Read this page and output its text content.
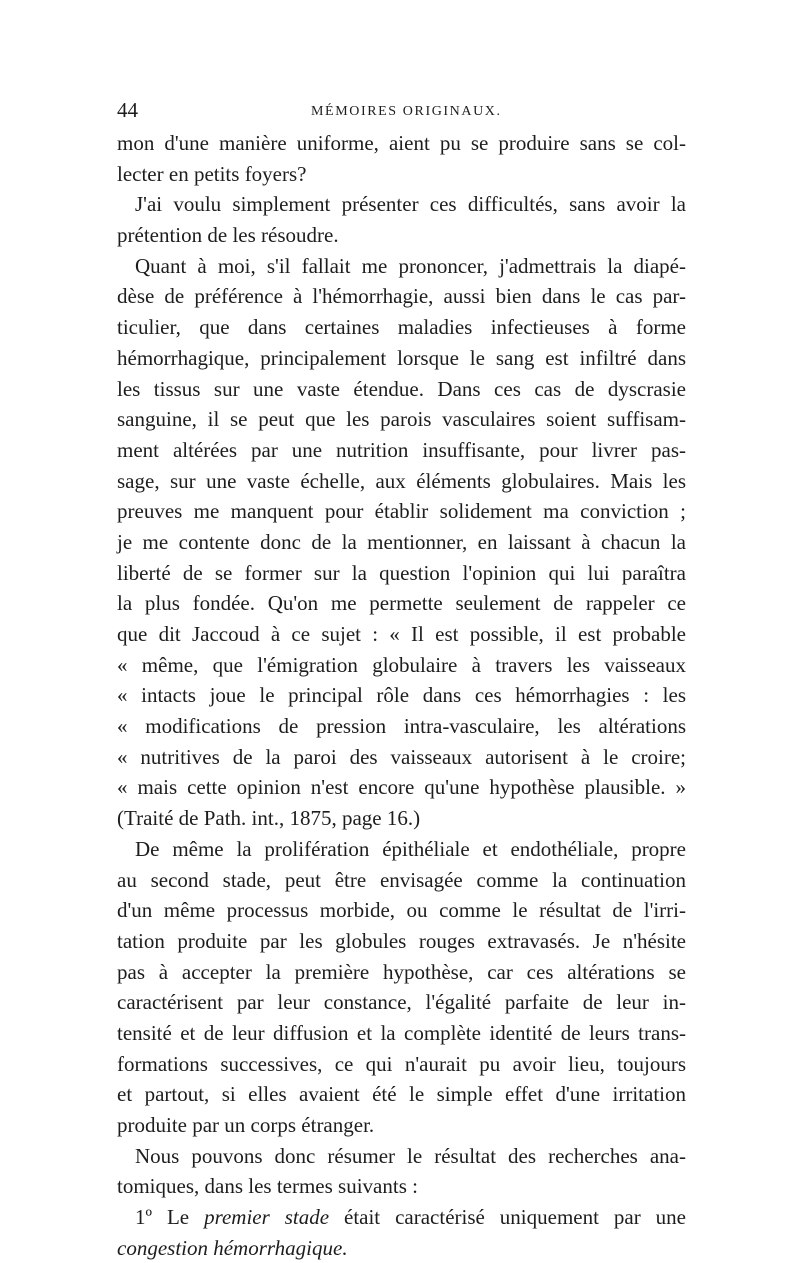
44	MÉMOIRES ORIGINAUX.
mon d'une manière uniforme, aient pu se produire sans se col-
lecter en petits foyers?
J'ai voulu simplement présenter ces difficultés, sans avoir la
prétention de les résoudre.
Quant à moi, s'il fallait me prononcer, j'admettrais la diapé-
dèse de préférence à l'hémorrhagie, aussi bien dans le cas par-
ticulier, que dans certaines maladies infectieuses à forme
hémorrhagique, principalement lorsque le sang est infiltré dans
les tissus sur une vaste étendue. Dans ces cas de dyscrasie
sanguine, il se peut que les parois vasculaires soient suffisam-
ment altérées par une nutrition insuffisante, pour livrer pas-
sage, sur une vaste échelle, aux éléments globulaires. Mais les
preuves me manquent pour établir solidement ma conviction ;
je me contente donc de la mentionner, en laissant à chacun la
liberté de se former sur la question l'opinion qui lui paraîtra
la plus fondée. Qu'on me permette seulement de rappeler ce
que dit Jaccoud à ce sujet : « Il est possible, il est probable
« même, que l'émigration globulaire à travers les vaisseaux
« intacts joue le principal rôle dans ces hémorrhagies : les
« modifications de pression intra-vasculaire, les altérations
« nutritives de la paroi des vaisseaux autorisent à le croire;
« mais cette opinion n'est encore qu'une hypothèse plausible. »
(Traité de Path. int., 1875, page 16.)
De même la prolifération épithéliale et endothéliale, propre
au second stade, peut être envisagée comme la continuation
d'un même processus morbide, ou comme le résultat de l'irri-
tation produite par les globules rouges extravasés. Je n'hésite
pas à accepter la première hypothèse, car ces altérations se
caractérisent par leur constance, l'égalité parfaite de leur in-
tensité et de leur diffusion et la complète identité de leurs trans-
formations successives, ce qui n'aurait pu avoir lieu, toujours
et partout, si elles avaient été le simple effet d'une irritation
produite par un corps étranger.
Nous pouvons donc résumer le résultat des recherches ana-
tomiques, dans les termes suivants :
1º Le premier stade était caractérisé uniquement par une
congestion hémorrhagique.
